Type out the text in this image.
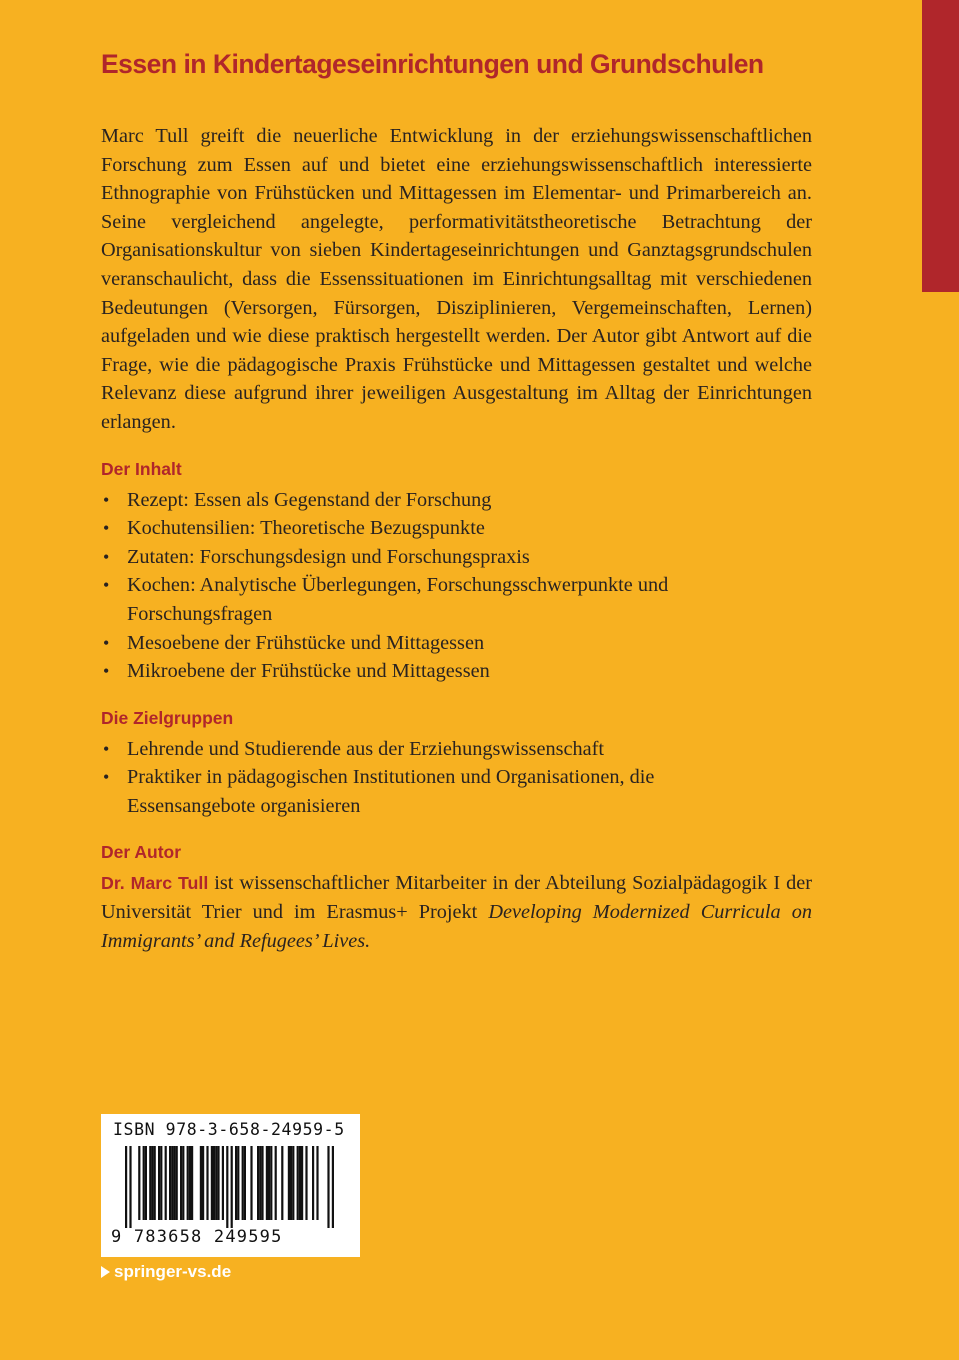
Essen in Kindertageseinrichtungen und Grundschulen

Marc Tull greift die neuerliche Entwicklung in der erziehungswissenschaftlichen Forschung zum Essen auf und bietet eine erziehungswissenschaftlich interessierte Ethnographie von Frühstücken und Mittagessen im Elementar- und Primarbereich an. Seine vergleichend angelegte, performativitätstheoretische Betrachtung der Organisationskultur von sieben Kindertageseinrichtungen und Ganztagsgrundschulen veranschaulicht, dass die Essenssituationen im Einrichtungsalltag mit verschiedenen Bedeutungen (Versorgen, Fürsorgen, Disziplinieren, Vergemeinschaften, Lernen) aufgeladen und wie diese praktisch hergestellt werden. Der Autor gibt Antwort auf die Frage, wie die pädagogische Praxis Frühstücke und Mittagessen gestaltet und welche Relevanz diese aufgrund ihrer jeweiligen Ausgestaltung im Alltag der Einrichtungen erlangen.

Der Inhalt
• Rezept: Essen als Gegenstand der Forschung
• Kochutensilien: Theoretische Bezugspunkte
• Zutaten: Forschungsdesign und Forschungspraxis
• Kochen: Analytische Überlegungen, Forschungsschwerpunkte und Forschungsfragen
• Mesoebene der Frühstücke und Mittagessen
• Mikroebene der Frühstücke und Mittagessen
Die Zielgruppen
• Lehrende und Studierende aus der Erziehungswissenschaft
• Praktiker in pädagogischen Institutionen und Organisationen, die Essensangebote organisieren
Der Autor

Dr. Marc Tull ist wissenschaftlicher Mitarbeiter in der Abteilung Sozialpädagogik I der Universität Trier und im Erasmus+ Projekt Developing Modernized Curricula on Immigrants’ and Refugees’ Lives.

ISBN 978-3-658-24959-5
9 783658 249595
springer-vs.de
